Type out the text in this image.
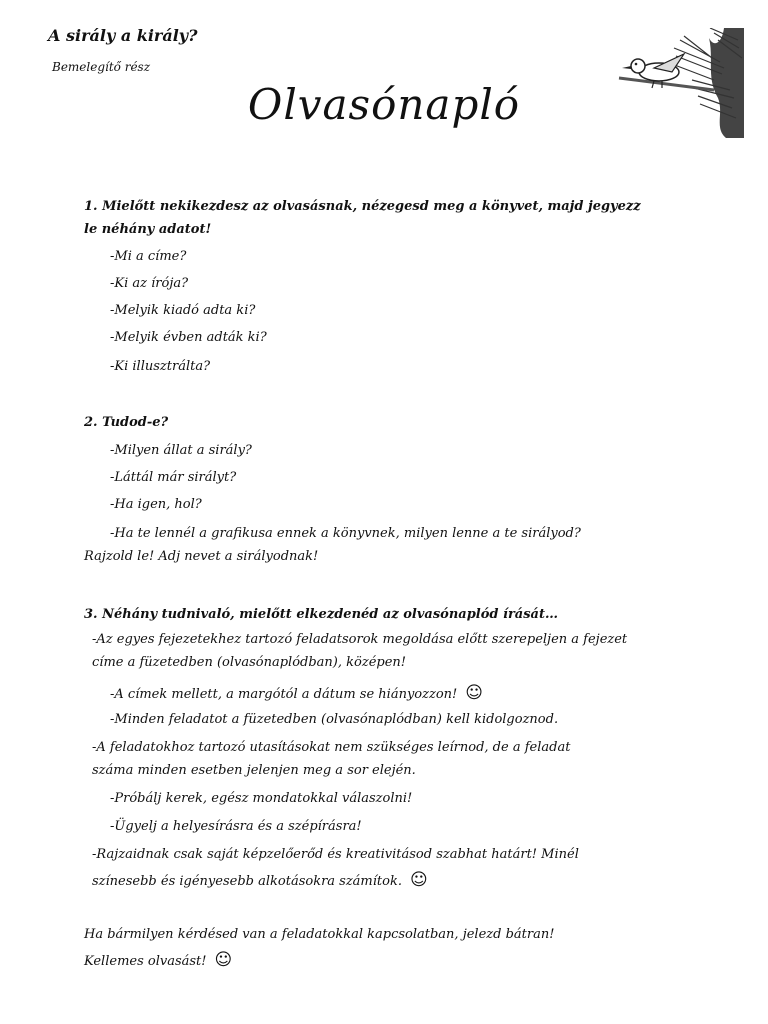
A sirály a király?
Bemelegítő rész
Olvasónapló
1. Mielőtt nekikezdesz az olvasásnak, nézegesd meg a könyvet, majd jegyezz
le néhány adatot!
-Mi a címe?
-Ki az írója?
-Melyik kiadó adta ki?
-Melyik évben adták ki?
-Ki illusztrálta?
2. Tudod-e?
-Milyen állat a sirály?
-Láttál már sirályt?
-Ha igen, hol?
-Ha te lennél a grafikusa ennek a könyvnek, milyen lenne a te sirályod?
Rajzold le! Adj nevet a sirályodnak!
3. Néhány tudnivaló, mielőtt elkezdenéd az olvasónaplód írását…
-Az egyes fejezetekhez tartozó feladatsorok megoldása előtt szerepeljen a fejezet
címe a füzetedben (olvasónaplódban), középen!
-A címek mellett, a margótól a dátum se hiányozzon! ☺
-Minden feladatot a füzetedben (olvasónaplódban) kell kidolgoznod.
-A feladatokhoz tartozó utasításokat nem szükséges leírnod, de a feladat
száma minden esetben jelenjen meg a sor elején.
-Próbálj kerek, egész mondatokkal válaszolni!
-Ügyelj a helyesírásra és a szépírásra!
-Rajzaidnak csak saját képzelőerőd és kreativitásod szabhat határt! Minél
színesebb és igényesebb alkotásokra számítok. ☺
Ha bármilyen kérdésed van a feladatokkal kapcsolatban, jelezd bátran!
Kellemes olvasást! ☺
